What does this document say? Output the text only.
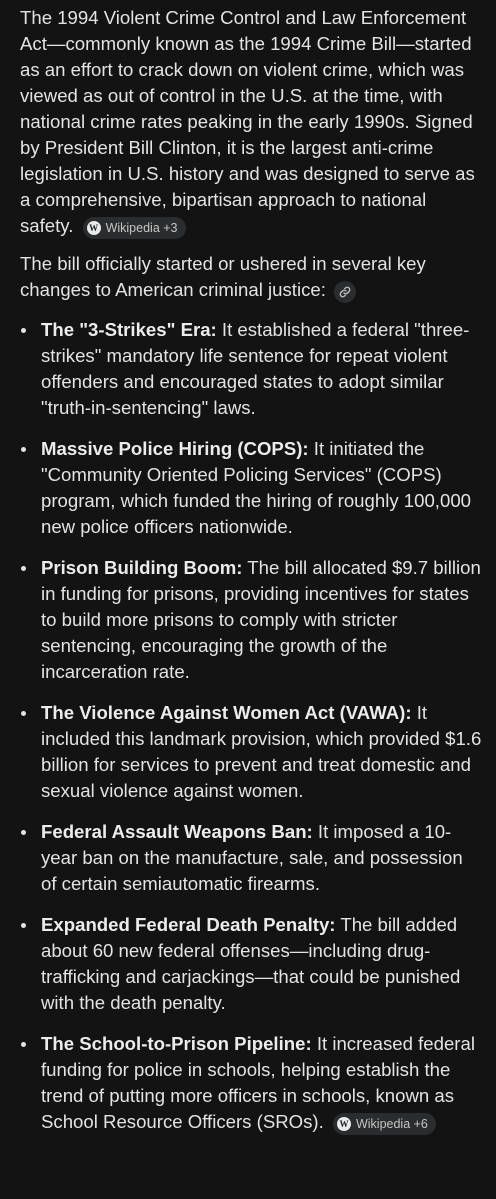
The 1994 Violent Crime Control and Law Enforcement Act—commonly known as the 1994 Crime Bill—started as an effort to crack down on violent crime, which was viewed as out of control in the U.S. at the time, with national crime rates peaking in the early 1990s. Signed by President Bill Clinton, it is the largest anti-crime legislation in U.S. history and was designed to serve as a comprehensive, bipartisan approach to national safety. W Wikipedia +3

The bill officially started or ushered in several key changes to American criminal justice:

The "3-Strikes" Era: It established a federal "three-strikes" mandatory life sentence for repeat violent offenders and encouraged states to adopt similar "truth-in-sentencing" laws.
Massive Police Hiring (COPS): It initiated the "Community Oriented Policing Services" (COPS) program, which funded the hiring of roughly 100,000 new police officers nationwide.
Prison Building Boom: The bill allocated $9.7 billion in funding for prisons, providing incentives for states to build more prisons to comply with stricter sentencing, encouraging the growth of the incarceration rate.
The Violence Against Women Act (VAWA): It included this landmark provision, which provided $1.6 billion for services to prevent and treat domestic and sexual violence against women.
Federal Assault Weapons Ban: It imposed a 10-year ban on the manufacture, sale, and possession of certain semiautomatic firearms.
Expanded Federal Death Penalty: The bill added about 60 new federal offenses—including drug-trafficking and carjackings—that could be punished with the death penalty.
The School-to-Prison Pipeline: It increased federal funding for police in schools, helping establish the trend of putting more officers in schools, known as School Resource Officers (SROs). W Wikipedia +6
